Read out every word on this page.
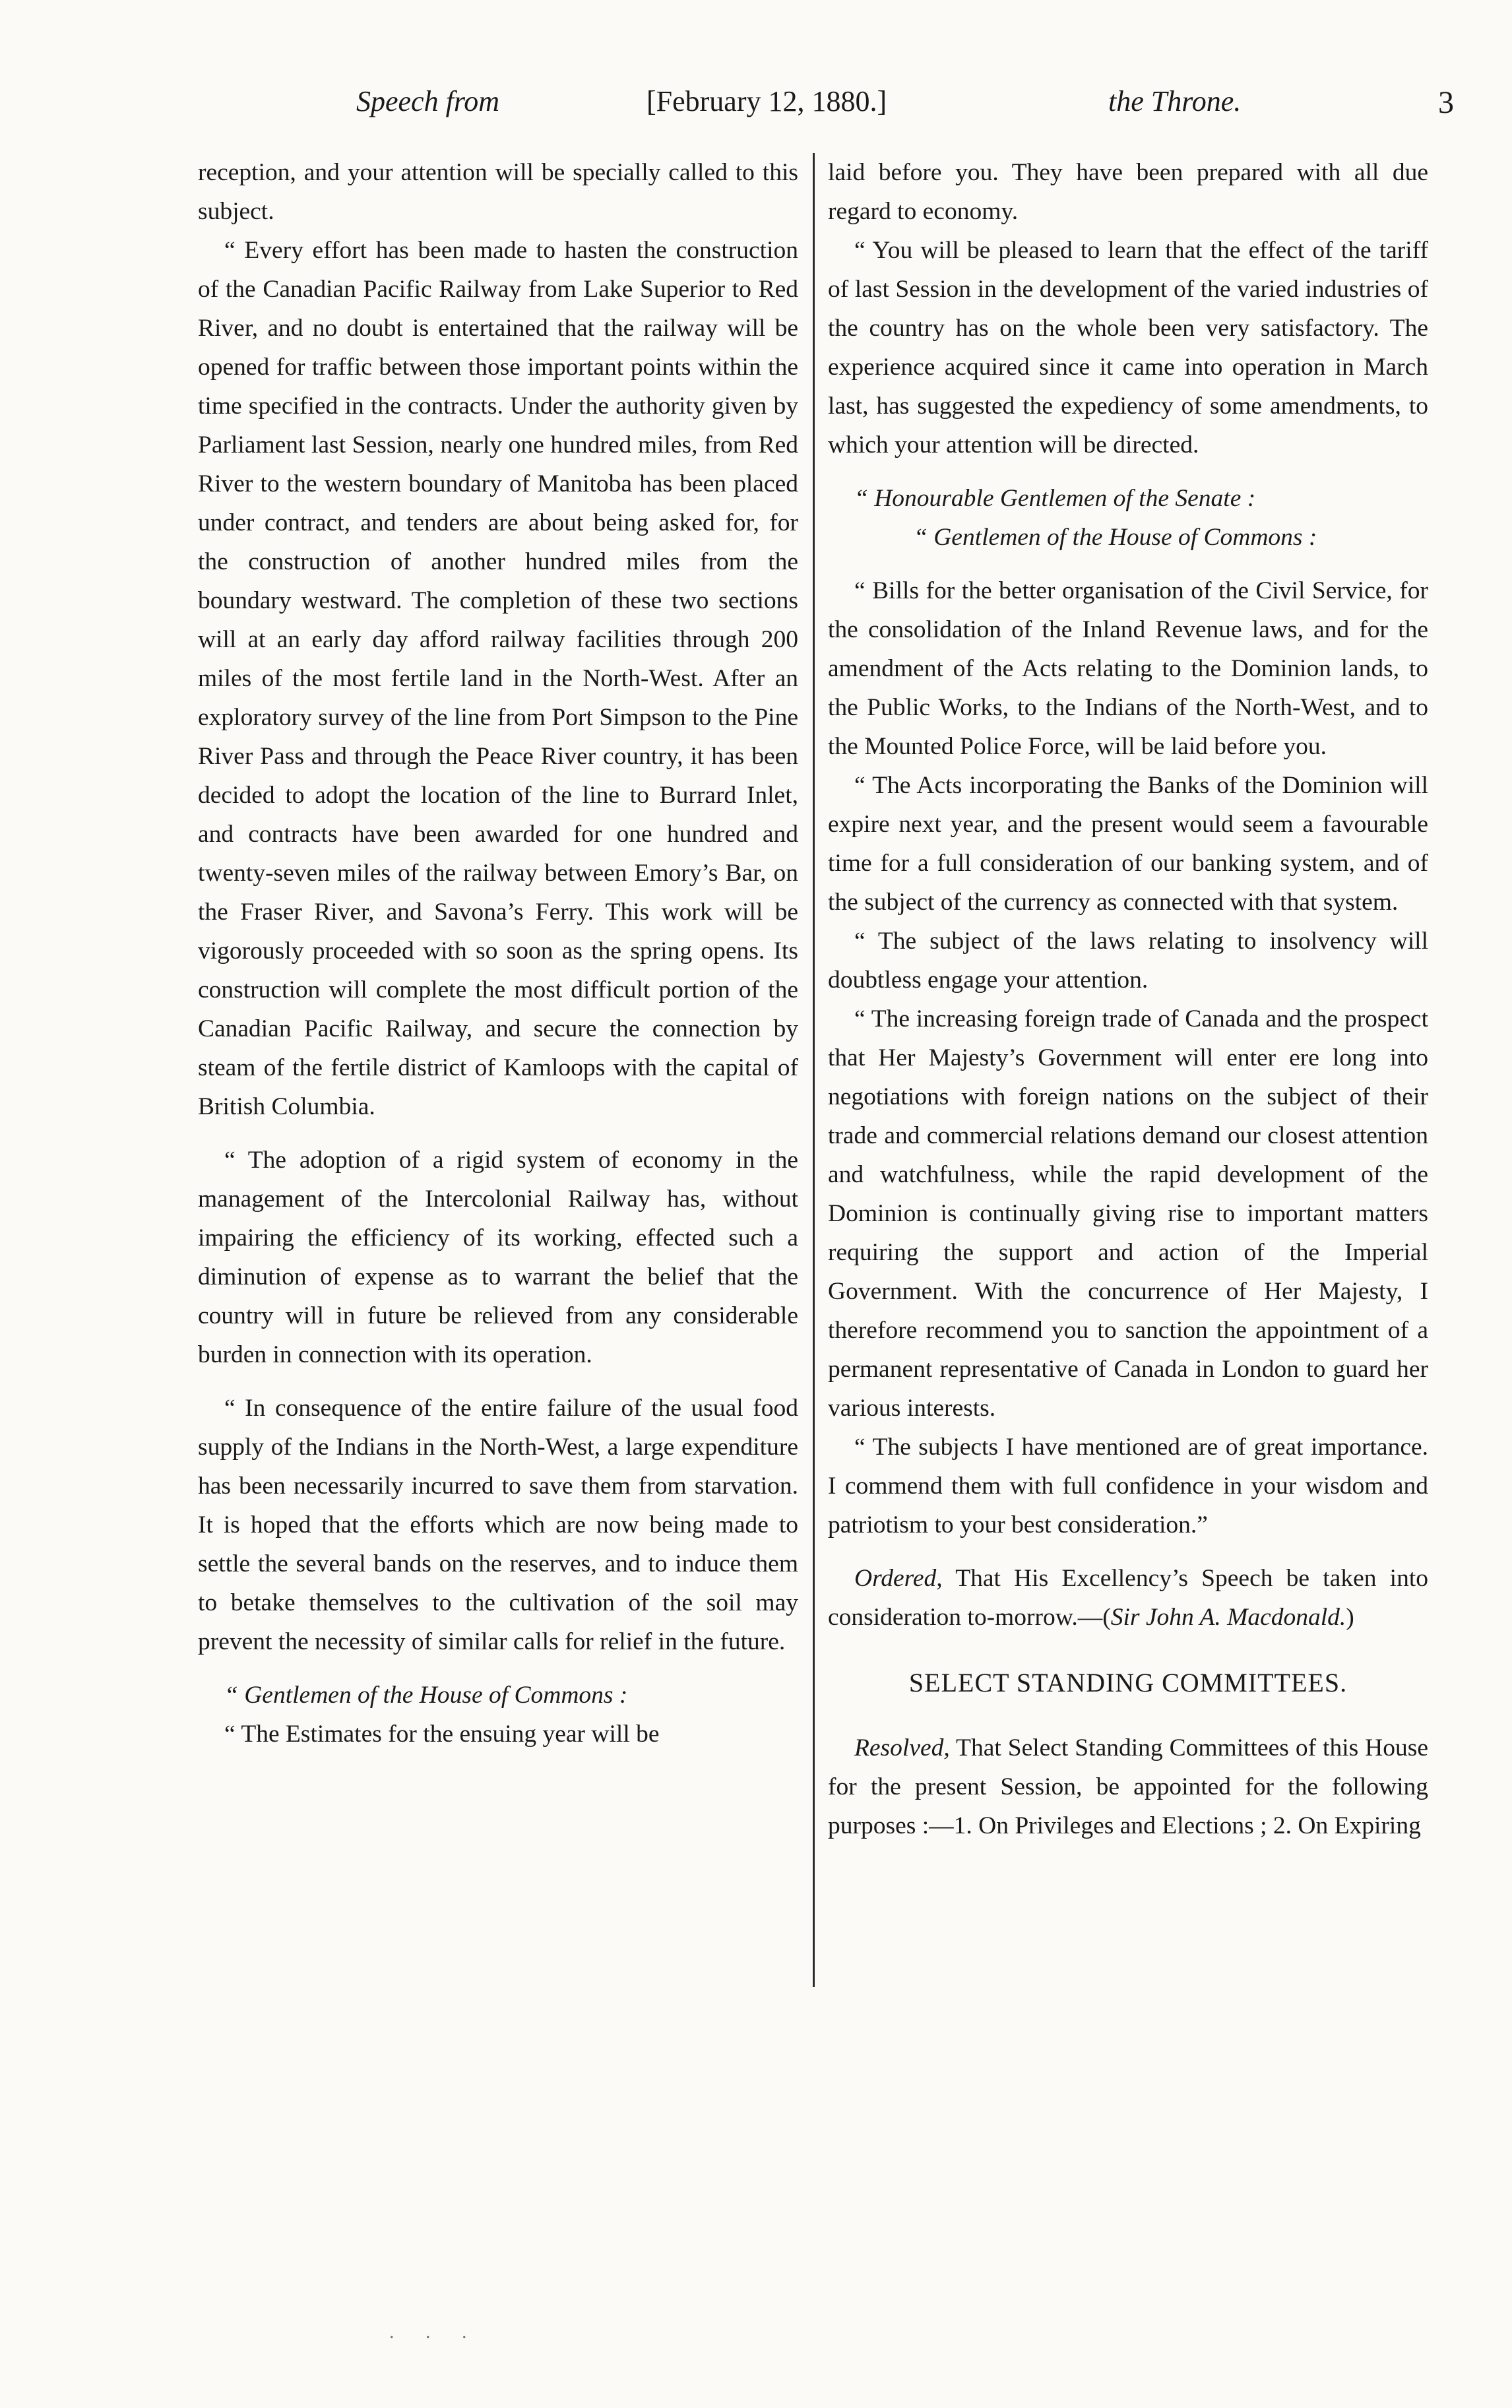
Speech from	[February 12, 1880.]	the Throne.	3

reception, and your attention will be specially called to this subject.

“ Every effort has been made to hasten the construction of the Canadian Pacific Railway from Lake Superior to Red River, and no doubt is entertained that the railway will be opened for traffic between those important points within the time specified in the contracts. Under the authority given by Parliament last Session, nearly one hundred miles, from Red River to the western boundary of Manitoba has been placed under contract, and tenders are about being asked for, for the construction of another hundred miles from the boundary westward. The completion of these two sections will at an early day afford railway facilities through 200 miles of the most fertile land in the North-West. After an exploratory survey of the line from Port Simpson to the Pine River Pass and through the Peace River country, it has been decided to adopt the location of the line to Burrard Inlet, and contracts have been awarded for one hundred and twenty-seven miles of the railway between Emory’s Bar, on the Fraser River, and Savona’s Ferry. This work will be vigorously proceeded with so soon as the spring opens. Its construction will complete the most difficult portion of the Canadian Pacific Railway, and secure the connection by steam of the fertile district of Kamloops with the capital of British Columbia.

“ The adoption of a rigid system of economy in the management of the Intercolonial Railway has, without impairing the efficiency of its working, effected such a diminution of expense as to warrant the belief that the country will in future be relieved from any considerable burden in connection with its operation.

“ In consequence of the entire failure of the usual food supply of the Indians in the North-West, a large expenditure has been necessarily incurred to save them from starvation. It is hoped that the efforts which are now being made to settle the several bands on the reserves, and to induce them to betake themselves to the cultivation of the soil may prevent the necessity of similar calls for relief in the future.

“ Gentlemen of the House of Commons :

“ The Estimates for the ensuing year will be

laid before you. They have been prepared with all due regard to economy.

“ You will be pleased to learn that the effect of the tariff of last Session in the development of the varied industries of the country has on the whole been very satisfactory. The experience acquired since it came into operation in March last, has suggested the expediency of some amendments, to which your attention will be directed.

“ Honourable Gentlemen of the Senate :

“ Gentlemen of the House of Commons :

“ Bills for the better organisation of the Civil Service, for the consolidation of the Inland Revenue laws, and for the amendment of the Acts relating to the Dominion lands, to the Public Works, to the Indians of the North-West, and to the Mounted Police Force, will be laid before you.

“ The Acts incorporating the Banks of the Dominion will expire next year, and the present would seem a favourable time for a full consideration of our banking system, and of the subject of the currency as connected with that system.

“ The subject of the laws relating to insolvency will doubtless engage your attention.

“ The increasing foreign trade of Canada and the prospect that Her Majesty’s Government will enter ere long into negotiations with foreign nations on the subject of their trade and commercial relations demand our closest attention and watchfulness, while the rapid development of the Dominion is continually giving rise to important matters requiring the support and action of the Imperial Government. With the concurrence of Her Majesty, I therefore recommend you to sanction the appointment of a permanent representative of Canada in London to guard her various interests.

“ The subjects I have mentioned are of great importance. I commend them with full confidence in your wisdom and patriotism to your best consideration.”

Ordered, That His Excellency’s Speech be taken into consideration to-morrow.—(Sir John A. Macdonald.)

SELECT STANDING COMMITTEES.

Resolved, That Select Standing Committees of this House for the present Session, be appointed for the following purposes :—1. On Privileges and Elections ; 2. On Expiring

. . .
